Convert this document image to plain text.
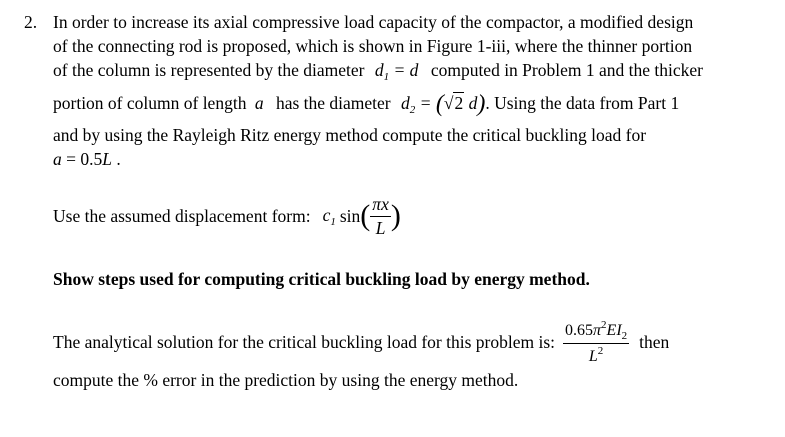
2. In order to increase its axial compressive load capacity of the compactor, a modified design
of the connecting rod is proposed, which is shown in Figure 1-iii, where the thinner portion
of the column is represented by the diameter $d_1 = d$ computed in Problem 1 and the thicker
portion of column of length a has the diameter $d_2 = (√2$ d). Using the data from Part 1
and by using the Rayleigh Ritz energy method compute the critical buckling load for
a = 0.5L .
Use the assumed displacement form: $c_1$ sin ( $\frac{\pi x}{L}$ )
Show steps used for computing critical buckling load by energy method.
The analytical solution for the critical buckling load for this problem is: $\frac{0.65\pi^2EI_2}{L^2}$ then
compute the % error in the prediction by using the energy method.
